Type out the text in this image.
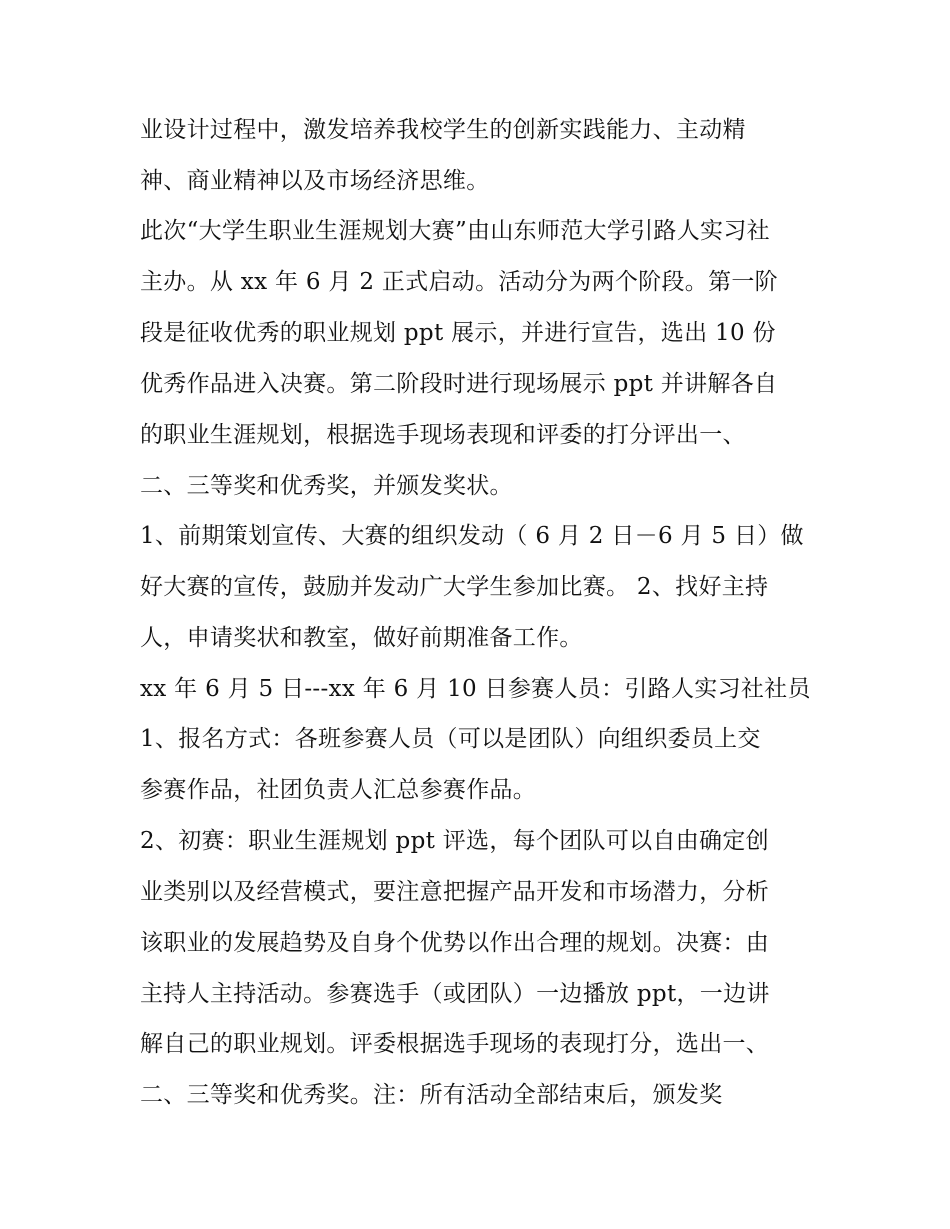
业设计过程中，激发培养我校学生的创新实践能力、主动精
神、商业精神以及市场经济思维。
此次“大学生职业生涯规划大赛”由山东师范大学引路人实习社
主办。从 xx 年 6 月 2 正式启动。活动分为两个阶段。第一阶
段是征收优秀的职业规划 ppt 展示，并进行宣告，选出 10 份
优秀作品进入决赛。第二阶段时进行现场展示 ppt 并讲解各自
的职业生涯规划，根据选手现场表现和评委的打分评出一、
二、三等奖和优秀奖，并颁发奖状。
1、前期策划宣传、大赛的组织发动（ 6 月 2 日－6 月 5 日）做
好大赛的宣传，鼓励并发动广大学生参加比赛。 2、找好主持
人，申请奖状和教室，做好前期准备工作。
xx 年 6 月 5 日---xx 年 6 月 10 日参赛人员：引路人实习社社员
1、报名方式：各班参赛人员（可以是团队）向组织委员上交
参赛作品，社团负责人汇总参赛作品。
2、初赛：职业生涯规划 ppt 评选，每个团队可以自由确定创
业类别以及经营模式，要注意把握产品开发和市场潜力，分析
该职业的发展趋势及自身个优势以作出合理的规划。决赛：由
主持人主持活动。参赛选手（或团队）一边播放 ppt，一边讲
解自己的职业规划。评委根据选手现场的表现打分，选出一、
二、三等奖和优秀奖。注：所有活动全部结束后，颁发奖
